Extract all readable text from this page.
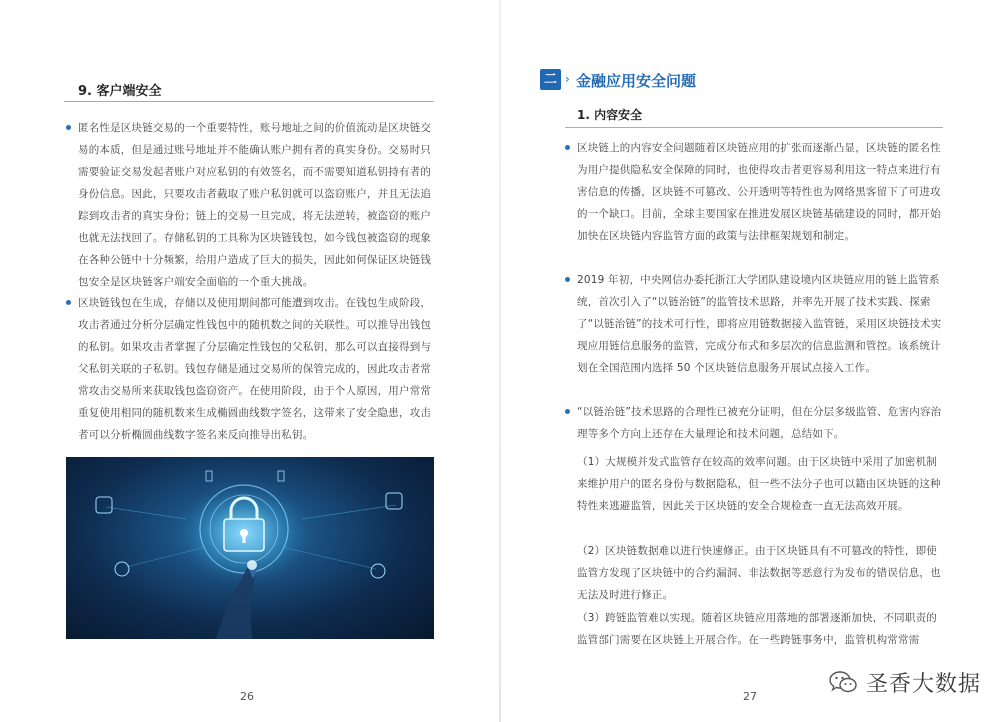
9. 客户端安全
匿名性是区块链交易的一个重要特性，账号地址之间的价值流动是区块链交易的本质，但是通过账号地址并不能确认账户拥有者的真实身份。交易时只需要验证交易发起者账户对应私钥的有效签名，而不需要知道私钥持有者的身份信息。因此，只要攻击者截取了账户私钥就可以盗窃账户，并且无法追踪到攻击者的真实身份；链上的交易一旦完成，将无法逆转，被盗窃的账户也就无法找回了。存储私钥的工具称为区块链钱包，如今钱包被盗窃的现象在各种公链中十分频繁，给用户造成了巨大的损失，因此如何保证区块链钱包安全是区块链客户端安全面临的一个重大挑战。
区块链钱包在生成，存储以及使用期间都可能遭到攻击。在钱包生成阶段，攻击者通过分析分层确定性钱包中的随机数之间的关联性。可以推导出钱包的私钥。如果攻击者掌握了分层确定性钱包的父私钥，那么可以直接得到与父私钥关联的子私钥。钱包存储是通过交易所的保管完成的，因此攻击者常常攻击交易所来获取钱包盗窃资产。在使用阶段，由于个人原因，用户常常重复使用相同的随机数来生成椭圆曲线数字签名，这带来了安全隐患，攻击者可以分析椭圆曲线数字签名来反向推导出私钥。
26
二 › 金融应用安全问题
1. 内容安全
区块链上的内容安全问题随着区块链应用的扩张而逐渐凸显，区块链的匿名性为用户提供隐私安全保障的同时，也使得攻击者更容易利用这一特点来进行有害信息的传播，区块链不可篡改、公开透明等特性也为网络黑客留下了可进攻的一个缺口。目前，全球主要国家在推进发展区块链基础建设的同时，都开始加快在区块链内容监管方面的政策与法律框架规划和制定。
2019 年初，中央网信办委托浙江大学团队建设境内区块链应用的链上监管系统，首次引入了“以链治链”的监管技术思路，并率先开展了技术实践、探索了“以链治链”的技术可行性，即将应用链数据接入监管链，采用区块链技术实现应用链信息服务的监管，完成分布式和多层次的信息监测和管控。该系统计划在全国范围内选择 50 个区块链信息服务开展试点接入工作。
“以链治链”技术思路的合理性已被充分证明，但在分层多级监管、危害内容治理等多个方向上还存在大量理论和技术问题，总结如下。
（1）大规模并发式监管存在较高的效率问题。由于区块链中采用了加密机制来维护用户的匿名身份与数据隐私，但一些不法分子也可以籍由区块链的这种特性来逃避监管，因此关于区块链的安全合规检查一直无法高效开展。
（2）区块链数据难以进行快速修正。由于区块链具有不可篡改的特性，即使监管方发现了区块链中的合约漏洞、非法数据等恶意行为发布的错误信息，也无法及时进行修正。
（3）跨链监管难以实现。随着区块链应用落地的部署逐渐加快，不同职责的监管部门需要在区块链上开展合作。在一些跨链事务中，监管机构常常需
27	圣香大数据
